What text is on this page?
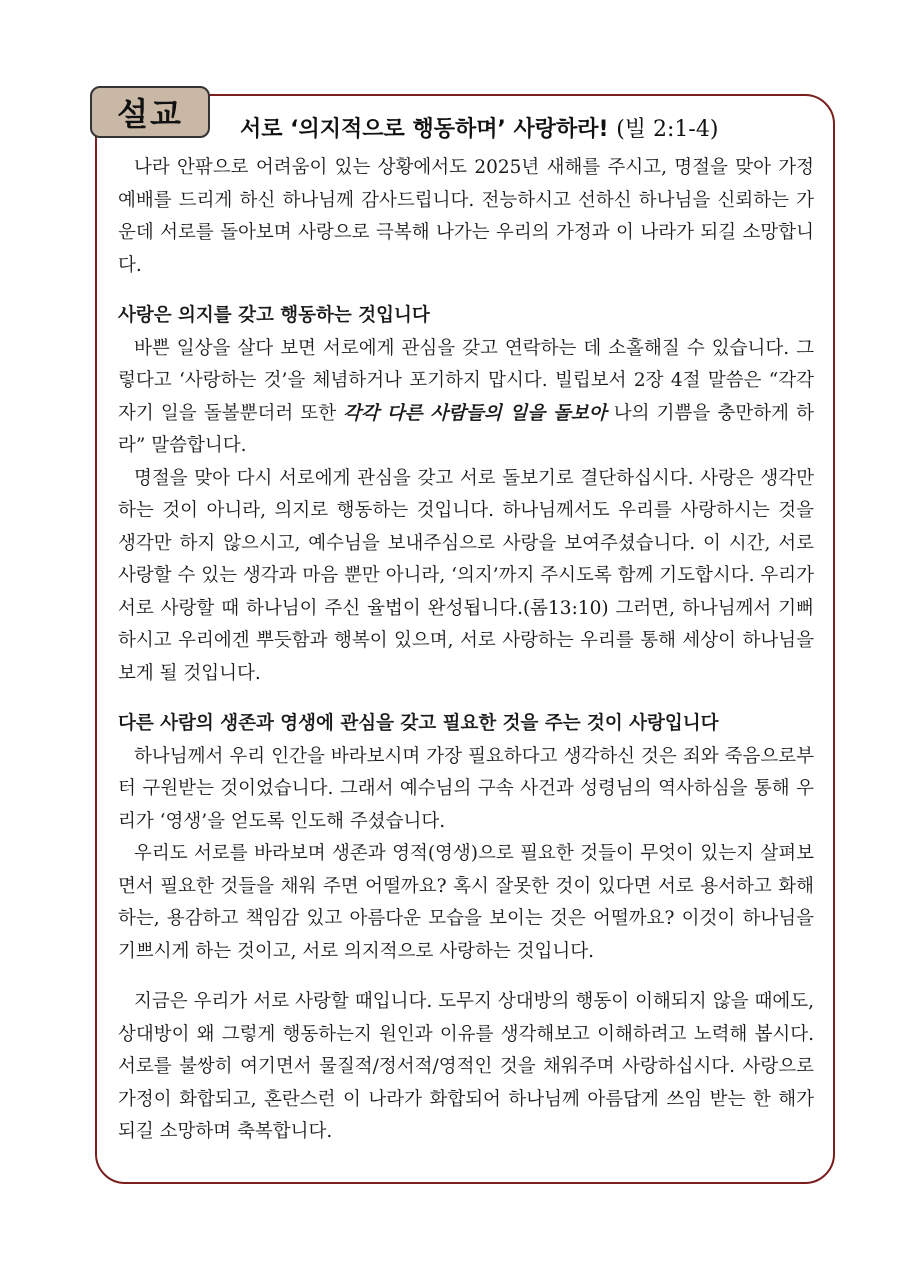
설교	서로 ‘의지적으로 행동하며’ 사랑하라! (빌 2:1-4)

나라 안팎으로 어려움이 있는 상황에서도 2025년 새해를 주시고, 명절을 맞아 가정예배를 드리게 하신 하나님께 감사드립니다. 전능하시고 선하신 하나님을 신뢰하는 가운데 서로를 돌아보며 사랑으로 극복해 나가는 우리의 가정과 이 나라가 되길 소망합니다.

사랑은 의지를 갖고 행동하는 것입니다

바쁜 일상을 살다 보면 서로에게 관심을 갖고 연락하는 데 소홀해질 수 있습니다. 그렇다고 ‘사랑하는 것’을 체념하거나 포기하지 맙시다. 빌립보서 2장 4절 말씀은 “각각 자기 일을 돌볼뿐더러 또한 각각 다른 사람들의 일을 돌보아 나의 기쁨을 충만하게 하라” 말씀합니다.

명절을 맞아 다시 서로에게 관심을 갖고 서로 돌보기로 결단하십시다. 사랑은 생각만 하는 것이 아니라, 의지로 행동하는 것입니다. 하나님께서도 우리를 사랑하시는 것을 생각만 하지 않으시고, 예수님을 보내주심으로 사랑을 보여주셨습니다. 이 시간, 서로 사랑할 수 있는 생각과 마음 뿐만 아니라, ‘의지’까지 주시도록 함께 기도합시다. 우리가 서로 사랑할 때 하나님이 주신 율법이 완성됩니다.(롬13:10) 그러면, 하나님께서 기뻐하시고 우리에겐 뿌듯함과 행복이 있으며, 서로 사랑하는 우리를 통해 세상이 하나님을 보게 될 것입니다.

다른 사람의 생존과 영생에 관심을 갖고 필요한 것을 주는 것이 사랑입니다

하나님께서 우리 인간을 바라보시며 가장 필요하다고 생각하신 것은 죄와 죽음으로부터 구원받는 것이었습니다. 그래서 예수님의 구속 사건과 성령님의 역사하심을 통해 우리가 ‘영생’을 얻도록 인도해 주셨습니다.

우리도 서로를 바라보며 생존과 영적(영생)으로 필요한 것들이 무엇이 있는지 살펴보면서 필요한 것들을 채워 주면 어떨까요? 혹시 잘못한 것이 있다면 서로 용서하고 화해하는, 용감하고 책임감 있고 아름다운 모습을 보이는 것은 어떨까요? 이것이 하나님을 기쁘시게 하는 것이고, 서로 의지적으로 사랑하는 것입니다.

지금은 우리가 서로 사랑할 때입니다. 도무지 상대방의 행동이 이해되지 않을 때에도, 상대방이 왜 그렇게 행동하는지 원인과 이유를 생각해보고 이해하려고 노력해 봅시다. 서로를 불쌍히 여기면서 물질적/정서적/영적인 것을 채워주며 사랑하십시다. 사랑으로 가정이 화합되고, 혼란스런 이 나라가 화합되어 하나님께 아름답게 쓰임 받는 한 해가 되길 소망하며 축복합니다.
